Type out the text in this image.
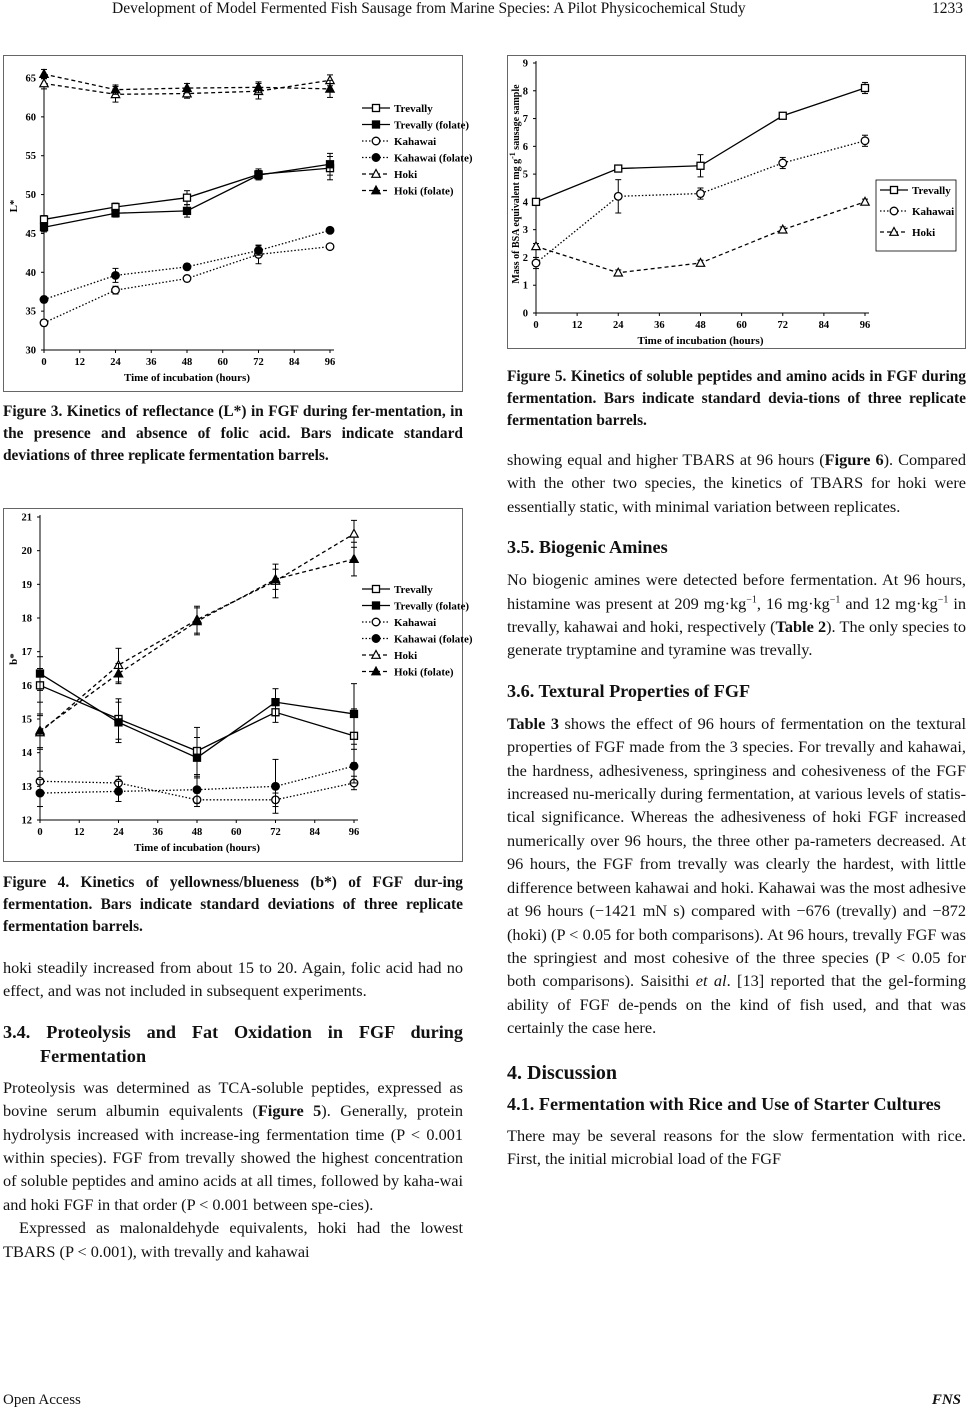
Development of Model Fermented Fish Sausage from Marine Species: A Pilot Physicochemical Study	1233
0	12 24 36 48 60 72 84 96
30
35
40
45
50
55
60
65
Time of incubation (hours)
L*
Trevally
Trevally (folate)
Kahawai
Kahawai (folate)
Hoki
Hoki (folate)
Figure 3. Kinetics of reflectance (L*) in FGF during fer-mentation, in the presence and absence of folic acid. Bars indicate standard deviations of three replicate fermentation barrels.
0	12	24	36	48	60	72	84	96
12
13
14
15
16
17
18
19
20
21
Time of incubation (hours)
b*
Trevally
Trevally (folate)
Kahawai
Kahawai (folate)
Hoki
Hoki (folate)
Figure 4. Kinetics of yellowness/blueness (b*) of FGF dur-ing fermentation. Bars indicate standard deviations of three replicate fermentation barrels.

hoki steadily increased from about 15 to 20. Again, folic acid had no effect, and was not included in subsequent experiments.

3.4. Proteolysis and Fat Oxidation in FGF during Fermentation

Proteolysis was determined as TCA-soluble peptides, expressed as bovine serum albumin equivalents (Figure 5). Generally, protein hydrolysis increased with increase-ing fermentation time (P < 0.001 within species). FGF from trevally showed the highest concentration of soluble peptides and amino acids at all times, followed by kaha-wai and hoki FGF in that order (P < 0.001 between spe-cies).

Expressed as malonaldehyde equivalents, hoki had the lowest TBARS (P < 0.001), with trevally and kahawai

0	12	24	36	48	60	72	84	96
0
1
2
3
4
5
6
7
8
9
Time of incubation (hours)
Mass of BSA equivalent mg $g^{-1}$ sausage sample
Trevally
Kahawai
Hoki
Figure 5. Kinetics of soluble peptides and amino acids in FGF during fermentation. Bars indicate standard devia-tions of three replicate fermentation barrels.

showing equal and higher TBARS at 96 hours (Figure 6). Compared with the other two species, the kinetics of TBARS for hoki were essentially static, with minimal variation between replicates.

3.5. Biogenic Amines

No biogenic amines were detected before fermentation. At 96 hours, histamine was present at 209 $mg\cdot kg^{-1}$, 16 $mg\cdot kg^{-1}$ and 12 $mg\cdot kg^{-1}$ in trevally, kahawai and hoki, respectively (Table 2). The only species to generate tryptamine and tyramine was trevally.

3.6. Textural Properties of FGF

Table 3 shows the effect of 96 hours of fermentation on the textural properties of FGF made from the 3 species. For trevally and kahawai, the hardness, adhesiveness, springiness and cohesiveness of the FGF increased nu-merically during fermentation, at various levels of statis-tical significance. Whereas the adhesiveness of hoki FGF increased numerically over 96 hours, the three other pa-rameters decreased. At 96 hours, the FGF from trevally was clearly the hardest, with little difference between kahawai and hoki. Kahawai was the most adhesive at 96 hours (−1421 mN s) compared with −676 (trevally) and −872 (hoki) (P < 0.05 for both comparisons). At 96 hours, trevally FGF was the springiest and most cohesive of the three species (P < 0.05 for both comparisons). Saisithi et al. [13] reported that the gel-forming ability of FGF de-pends on the kind of fish used, and that was certainly the case here.

4. Discussion
4.1. Fermentation with Rice and Use of Starter Cultures

There may be several reasons for the slow fermentation with rice. First, the initial microbial load of the FGF

Open Access	FNS
